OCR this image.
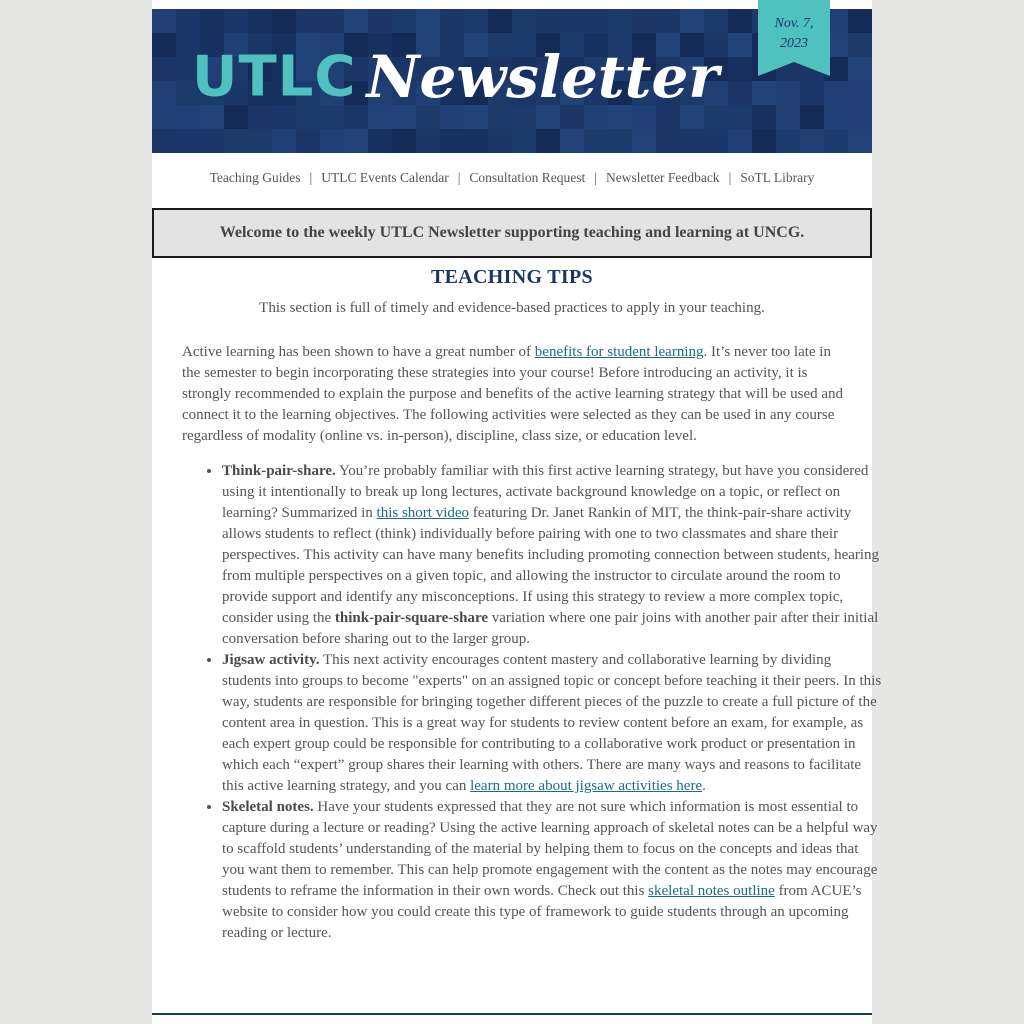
UTLC Newsletter
Nov. 7,
2023
Teaching Guides | UTLC Events Calendar | Consultation Request | Newsletter Feedback | SoTL Library
Welcome to the weekly UTLC Newsletter supporting teaching and learning at UNCG.
TEACHING TIPS
This section is full of timely and evidence-based practices to apply in your teaching.

Active learning has been shown to have a great number of benefits for student learning. It’s never too late in the semester to begin incorporating these strategies into your course! Before introducing an activity, it is strongly recommended to explain the purpose and benefits of the active learning strategy that will be used and connect it to the learning objectives. The following activities were selected as they can be used in any course regardless of modality (online vs. in-person), discipline, class size, or education level.

• Think-pair-share. You’re probably familiar with this first active learning strategy, but have you considered using it intentionally to break up long lectures, activate background knowledge on a topic, or reflect on learning? Summarized in this short video featuring Dr. Janet Rankin of MIT, the think-pair-share activity allows students to reflect (think) individually before pairing with one to two classmates and share their perspectives. This activity can have many benefits including promoting connection between students, hearing from multiple perspectives on a given topic, and allowing the instructor to circulate around the room to provide support and identify any misconceptions. If using this strategy to review a more complex topic, consider using the think-pair-square-share variation where one pair joins with another pair after their initial conversation before sharing out to the larger group.
• Jigsaw activity. This next activity encourages content mastery and collaborative learning by dividing students into groups to become "experts" on an assigned topic or concept before teaching it their peers. In this way, students are responsible for bringing together different pieces of the puzzle to create a full picture of the content area in question. This is a great way for students to review content before an exam, for example, as each expert group could be responsible for contributing to a collaborative work product or presentation in which each “expert” group shares their learning with others. There are many ways and reasons to facilitate this active learning strategy, and you can learn more about jigsaw activities here.
• Skeletal notes. Have your students expressed that they are not sure which information is most essential to capture during a lecture or reading? Using the active learning approach of skeletal notes can be a helpful way to scaffold students’ understanding of the material by helping them to focus on the concepts and ideas that you want them to remember. This can help promote engagement with the content as the notes may encourage students to reframe the information in their own words. Check out this skeletal notes outline from ACUE’s website to consider how you could create this type of framework to guide students through an upcoming reading or lecture.
